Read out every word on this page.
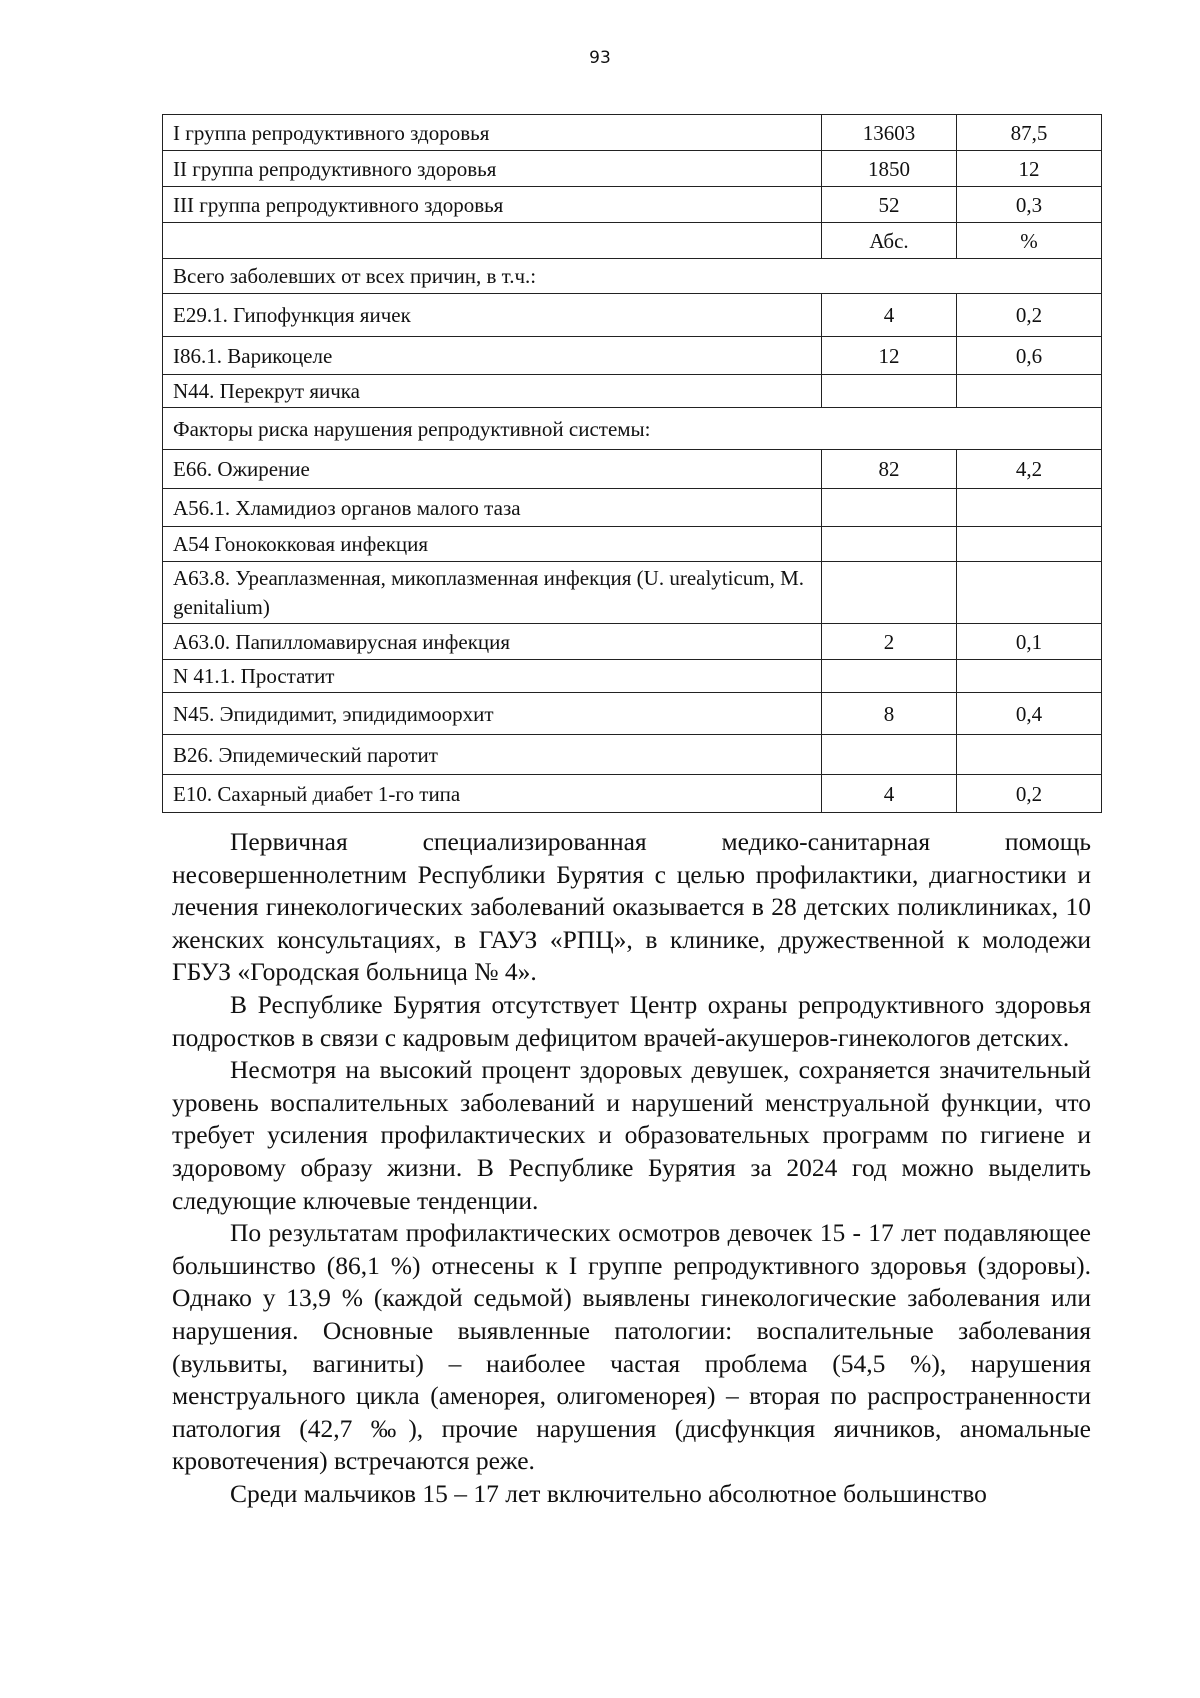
93
I группа репродуктивного здоровья	13603	87,5
II группа репродуктивного здоровья	1850	12
III группа репродуктивного здоровья	52	0,3
	Абс.	%
Всего заболевших от всех причин, в т.ч.:		
E29.1. Гипофункция яичек	4	0,2
I86.1. Варикоцеле	12	0,6
N44. Перекрут яичка		
Факторы риска нарушения репродуктивной системы:		
E66. Ожирение	82	4,2
A56.1. Хламидиоз органов малого таза		
A54 Гонококковая инфекция		
A63.8. Уреаплазменная, микоплазменная инфекция (U. urealyticum, M. genitalium)		
A63.0. Папилломавирусная инфекция	2	0,1
N 41.1. Простатит		
N45. Эпидидимит, эпидидимоорхит	8	0,4
B26. Эпидемический паротит		
E10. Сахарный диабет 1-го типа	4	0,2

Первичная специализированная медико-санитарная помощь несовершеннолетним Республики Бурятия с целью профилактики, диагностики и лечения гинекологических заболеваний оказывается в 28 детских поликлиниках, 10 женских консультациях, в ГАУЗ «РПЦ», в клинике, дружественной к молодежи ГБУЗ «Городская больница № 4».

В Республике Бурятия отсутствует Центр охраны репродуктивного здоровья подростков в связи с кадровым дефицитом врачей-акушеров-гинекологов детских.

Несмотря на высокий процент здоровых девушек, сохраняется значительный уровень воспалительных заболеваний и нарушений менструальной функции, что требует усиления профилактических и образовательных программ по гигиене и здоровому образу жизни. В Республике Бурятия за 2024 год можно выделить следующие ключевые тенденции.

По результатам профилактических осмотров девочек 15 - 17 лет подавляющее большинство (86,1 %) отнесены к I группе репродуктивного здоровья (здоровы). Однако у 13,9 % (каждой седьмой) выявлены гинекологические заболевания или нарушения. Основные выявленные патологии: воспалительные заболевания (вульвиты, вагиниты) – наиболее частая проблема (54,5 %), нарушения менструального цикла (аменорея, олигоменорея) – вторая по распространенности патология (42,7 ‰), прочие нарушения (дисфункция яичников, аномальные кровотечения) встречаются реже.

Среди мальчиков 15 – 17 лет включительно абсолютное большинство
